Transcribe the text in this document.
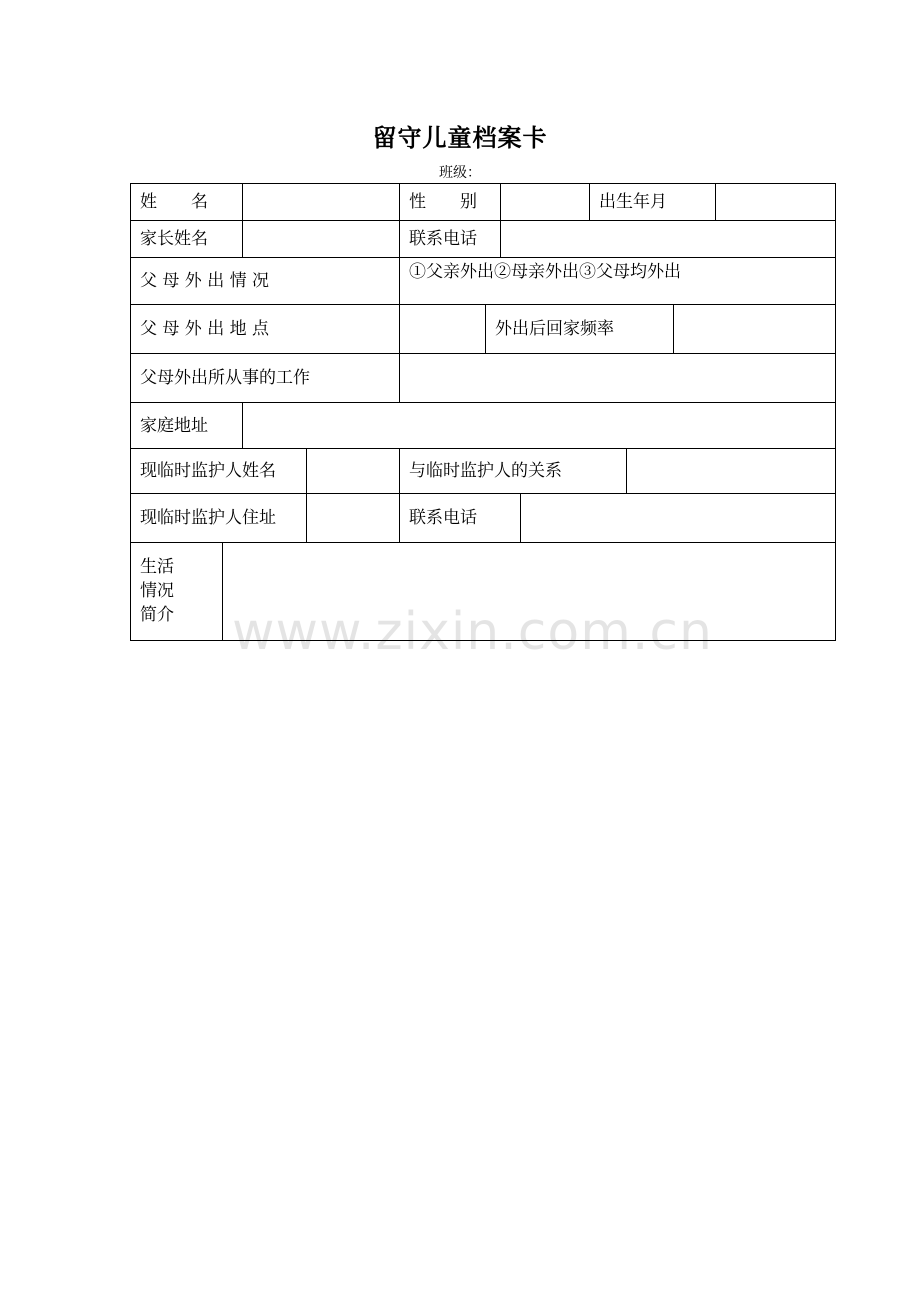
留守儿童档案卡
班级：
姓　　名	性　　别	出生年月
家长姓名	联系电话
父 母 外 出 情 况	①父亲外出②母亲外出③父母均外出
父 母 外 出 地 点	外出后回家频率
父母外出所从事的工作
家庭地址
现临时监护人姓名	与临时监护人的关系
现临时监护人住址	联系电话
生活情况简介 www.zixin.com.cn
